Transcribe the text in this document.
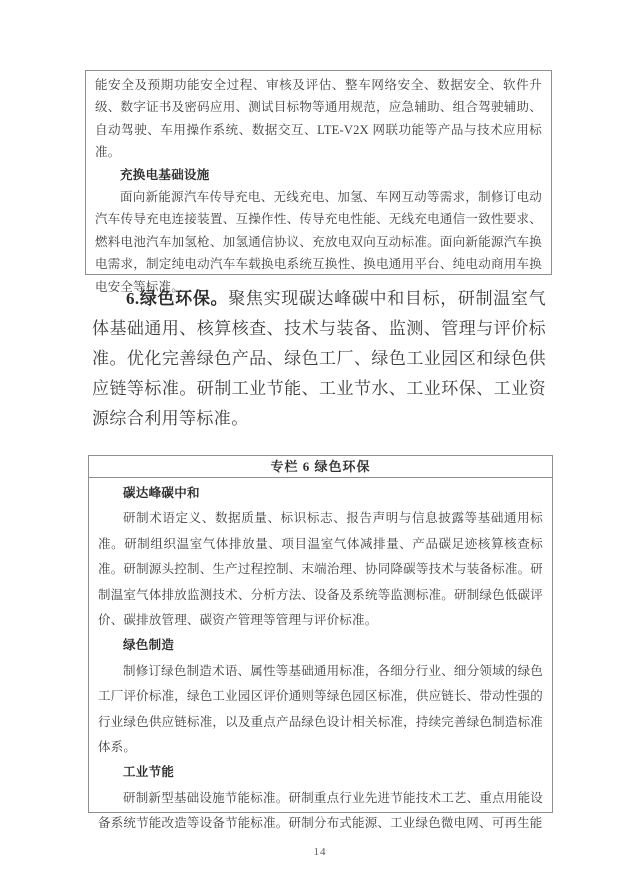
能安全及预期功能安全过程、审核及评估、整车网络安全、数据安全、软件升级、数字证书及密码应用、测试目标物等通用规范，应急辅助、组合驾驶辅助、自动驾驶、车用操作系统、数据交互、LTE-V2X 网联功能等产品与技术应用标准。

充换电基础设施

面向新能源汽车传导充电、无线充电、加氢、车网互动等需求，制修订电动汽车传导充电连接装置、互操作性、传导充电性能、无线充电通信一致性要求、燃料电池汽车加氢枪、加氢通信协议、充放电双向互动标准。面向新能源汽车换电需求，制定纯电动汽车车载换电系统互换性、换电通用平台、纯电动商用车换电安全等标准。

6.绿色环保。聚焦实现碳达峰碳中和目标，研制温室气体基础通用、核算核查、技术与装备、监测、管理与评价标准。优化完善绿色产品、绿色工厂、绿色工业园区和绿色供应链等标准。研制工业节能、工业节水、工业环保、工业资源综合利用等标准。

专栏 6 绿色环保

碳达峰碳中和

研制术语定义、数据质量、标识标志、报告声明与信息披露等基础通用标准。研制组织温室气体排放量、项目温室气体减排量、产品碳足迹核算核查标准。研制源头控制、生产过程控制、末端治理、协同降碳等技术与装备标准。研制温室气体排放监测技术、分析方法、设备及系统等监测标准。研制绿色低碳评价、碳排放管理、碳资产管理等管理与评价标准。

绿色制造

制修订绿色制造术语、属性等基础通用标准，各细分行业、细分领域的绿色工厂评价标准，绿色工业园区评价通则等绿色园区标准，供应链长、带动性强的行业绿色供应链标准，以及重点产品绿色设计相关标准，持续完善绿色制造标准体系。

工业节能

研制新型基础设施节能标准。研制重点行业先进节能技术工艺、重点用能设备系统节能改造等设备节能标准。研制分布式能源、工业绿色微电网、可再生能

14
